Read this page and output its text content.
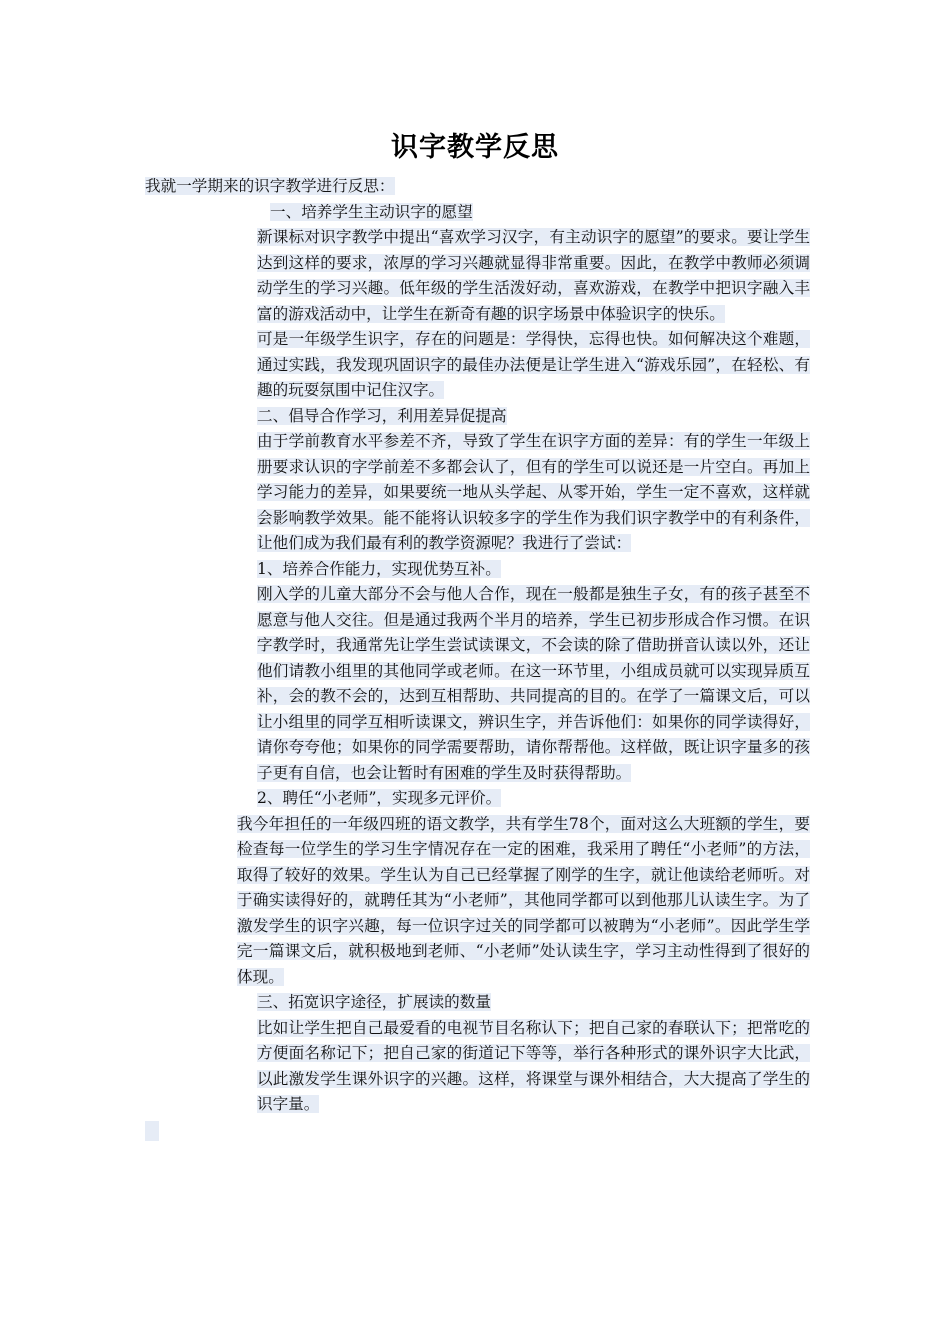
识字教学反思

我就一学期来的识字教学进行反思：

一、培养学生主动识字的愿望

新课标对识字教学中提出“喜欢学习汉字，有主动识字的愿望”的要求。要让学生达到这样的要求，浓厚的学习兴趣就显得非常重要。因此，在教学中教师必须调动学生的学习兴趣。低年级的学生活泼好动，喜欢游戏，在教学中把识字融入丰富的游戏活动中，让学生在新奇有趣的识字场景中体验识字的快乐。

可是一年级学生识字，存在的问题是：学得快，忘得也快。如何解决这个难题，通过实践，我发现巩固识字的最佳办法便是让学生进入“游戏乐园”，在轻松、有趣的玩耍氛围中记住汉字。

二、倡导合作学习，利用差异促提高

由于学前教育水平参差不齐，导致了学生在识字方面的差异：有的学生一年级上册要求认识的字学前差不多都会认了，但有的学生可以说还是一片空白。再加上学习能力的差异，如果要统一地从头学起、从零开始，学生一定不喜欢，这样就会影响教学效果。能不能将认识较多字的学生作为我们识字教学中的有利条件，让他们成为我们最有利的教学资源呢？我进行了尝试：

1、培养合作能力，实现优势互补。

刚入学的儿童大部分不会与他人合作，现在一般都是独生子女，有的孩子甚至不愿意与他人交往。但是通过我两个半月的培养，学生已初步形成合作习惯。在识字教学时，我通常先让学生尝试读课文，不会读的除了借助拼音认读以外，还让他们请教小组里的其他同学或老师。在这一环节里，小组成员就可以实现异质互补，会的教不会的，达到互相帮助、共同提高的目的。在学了一篇课文后，可以让小组里的同学互相听读课文，辨识生字，并告诉他们：如果你的同学读得好，请你夸夸他；如果你的同学需要帮助，请你帮帮他。这样做，既让识字量多的孩子更有自信，也会让暂时有困难的学生及时获得帮助。

2、聘任“小老师”，实现多元评价。

我今年担任的一年级四班的语文教学，共有学生78个，面对这么大班额的学生，要检查每一位学生的学习生字情况存在一定的困难，我采用了聘任“小老师”的方法，取得了较好的效果。学生认为自己已经掌握了刚学的生字，就让他读给老师听。对于确实读得好的，就聘任其为“小老师”，其他同学都可以到他那儿认读生字。为了激发学生的识字兴趣，每一位识字过关的同学都可以被聘为“小老师”。因此学生学完一篇课文后，就积极地到老师、“小老师”处认读生字，学习主动性得到了很好的体现。

三、拓宽识字途径，扩展读的数量

比如让学生把自己最爱看的电视节目名称认下；把自己家的春联认下；把常吃的方便面名称记下；把自己家的街道记下等等，举行各种形式的课外识字大比武，以此激发学生课外识字的兴趣。这样，将课堂与课外相结合，大大提高了学生的识字量。
